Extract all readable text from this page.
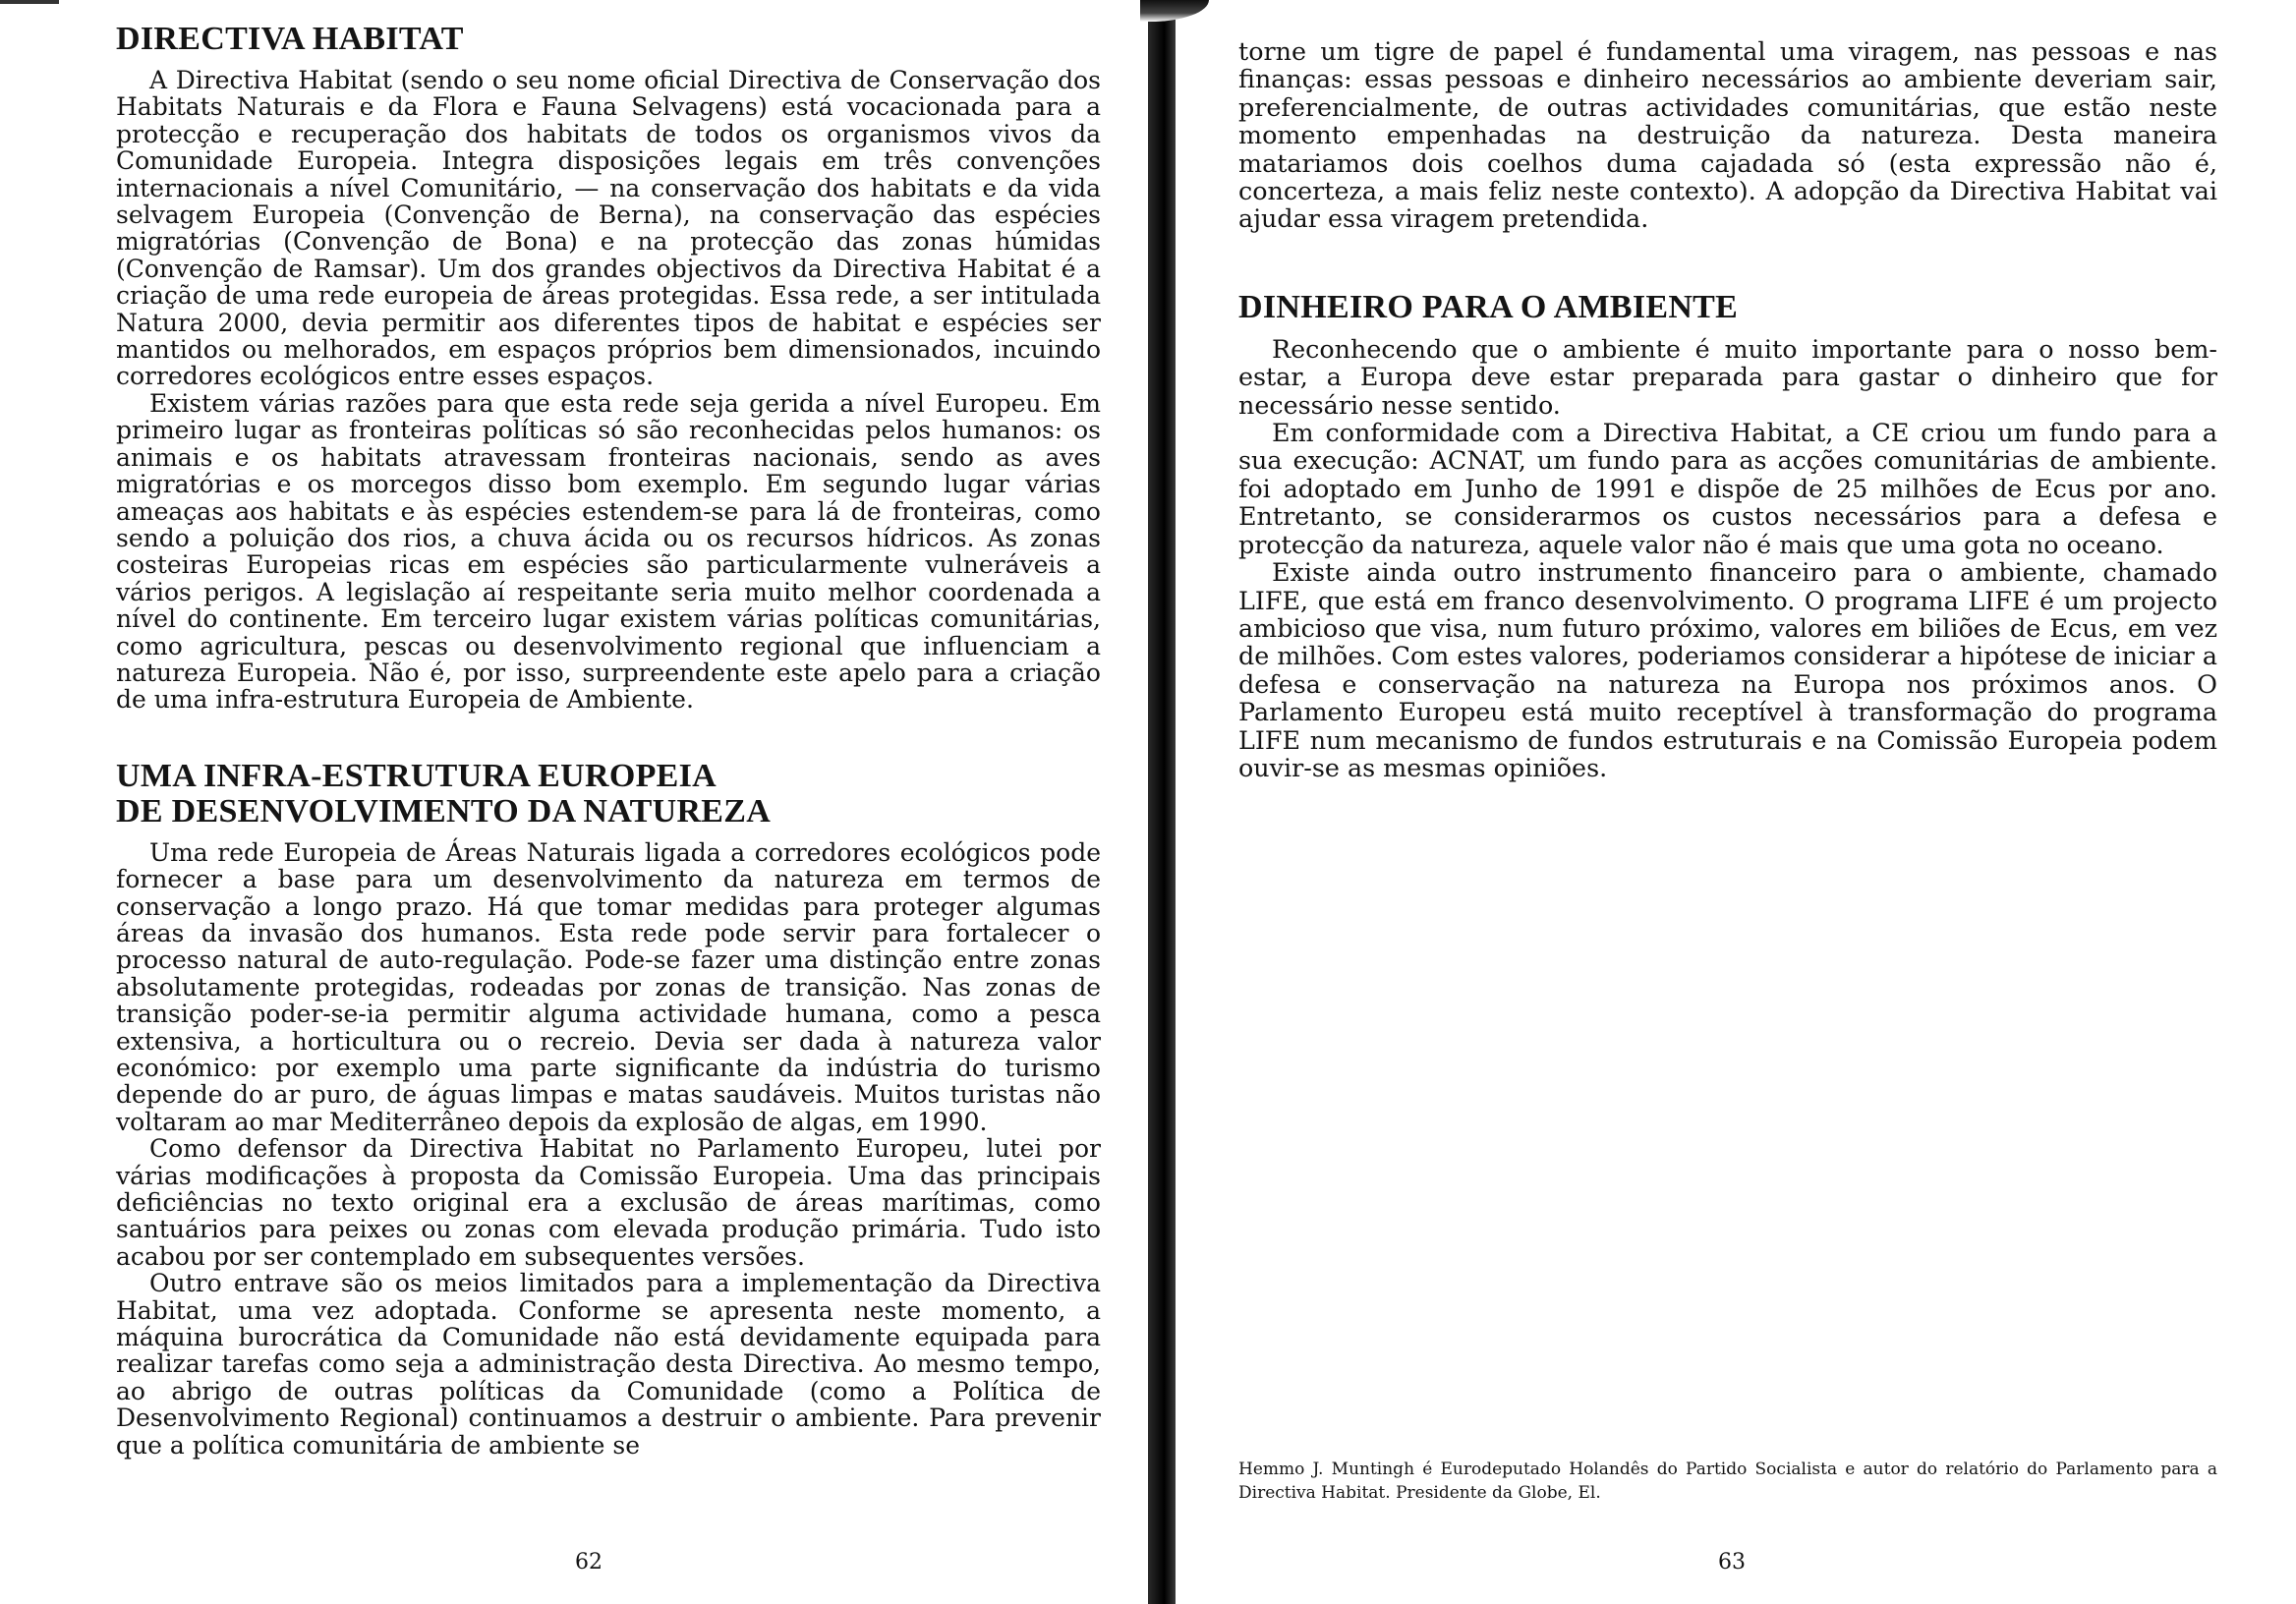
DIRECTIVA HABITAT

A Directiva Habitat (sendo o seu nome oficial Directiva de Conservação dos Habitats Naturais e da Flora e Fauna Selvagens) está vocacionada para a protecção e recuperação dos habitats de todos os organismos vivos da Comunidade Europeia. Integra disposições legais em três convenções internacionais a nível Comunitário, — na conservação dos habitats e da vida selvagem Europeia (Convenção de Berna), na conservação das espécies migratórias (Convenção de Bona) e na protecção das zonas húmidas (Convenção de Ramsar). Um dos grandes objectivos da Directiva Habitat é a criação de uma rede europeia de áreas protegidas. Essa rede, a ser intitulada Natura 2000, devia permitir aos diferentes tipos de habitat e espécies ser mantidos ou melhorados, em espaços próprios bem dimensionados, incuindo corredores ecológicos entre esses espaços.

Existem várias razões para que esta rede seja gerida a nível Europeu. Em primeiro lugar as fronteiras políticas só são reconhecidas pelos humanos: os animais e os habitats atravessam fronteiras nacionais, sendo as aves migratórias e os morcegos disso bom exemplo. Em segundo lugar várias ameaças aos habitats e às espécies estendem-se para lá de fronteiras, como sendo a poluição dos rios, a chuva ácida ou os recursos hídricos. As zonas costeiras Europeias ricas em espécies são particularmente vulneráveis a vários perigos. A legislação aí respeitante seria muito melhor coordenada a nível do continente. Em terceiro lugar existem várias políticas comunitárias, como agricultura, pescas ou desenvolvimento regional que influenciam a natureza Europeia. Não é, por isso, surpreendente este apelo para a criação de uma infra-estrutura Europeia de Ambiente.

UMA INFRA-ESTRUTURA EUROPEIA
DE DESENVOLVIMENTO DA NATUREZA

Uma rede Europeia de Áreas Naturais ligada a corredores ecológicos pode fornecer a base para um desenvolvimento da natureza em termos de conservação a longo prazo. Há que tomar medidas para proteger algumas áreas da invasão dos humanos. Esta rede pode servir para fortalecer o processo natural de auto-regulação. Pode-se fazer uma distinção entre zonas absolutamente protegidas, rodeadas por zonas de transição. Nas zonas de transição poder-se-ia permitir alguma actividade humana, como a pesca extensiva, a horticultura ou o recreio. Devia ser dada à natureza valor económico: por exemplo uma parte significante da indústria do turismo depende do ar puro, de águas limpas e matas saudáveis. Muitos turistas não voltaram ao mar Mediterrâneo depois da explosão de algas, em 1990.

Como defensor da Directiva Habitat no Parlamento Europeu, lutei por várias modificações à proposta da Comissão Europeia. Uma das principais deficiências no texto original era a exclusão de áreas marítimas, como santuários para peixes ou zonas com elevada produção primária. Tudo isto acabou por ser contemplado em subsequentes versões.

Outro entrave são os meios limitados para a implementação da Directiva Habitat, uma vez adoptada. Conforme se apresenta neste momento, a máquina burocrática da Comunidade não está devidamente equipada para realizar tarefas como seja a administração desta Directiva. Ao mesmo tempo, ao abrigo de outras políticas da Comunidade (como a Política de Desenvolvimento Regional) continuamos a destruir o ambiente. Para prevenir que a política comunitária de ambiente se

62

torne um tigre de papel é fundamental uma viragem, nas pessoas e nas finanças: essas pessoas e dinheiro necessários ao ambiente deveriam sair, preferencialmente, de outras actividades comunitárias, que estão neste momento empenhadas na destruição da natureza. Desta maneira matariamos dois coelhos duma cajadada só (esta expressão não é, concerteza, a mais feliz neste contexto). A adopção da Directiva Habitat vai ajudar essa viragem pretendida.

DINHEIRO PARA O AMBIENTE

Reconhecendo que o ambiente é muito importante para o nosso bem-estar, a Europa deve estar preparada para gastar o dinheiro que for necessário nesse sentido.

Em conformidade com a Directiva Habitat, a CE criou um fundo para a sua execução: ACNAT, um fundo para as acções comunitárias de ambiente. foi adoptado em Junho de 1991 e dispõe de 25 milhões de Ecus por ano. Entretanto, se considerarmos os custos necessários para a defesa e protecção da natureza, aquele valor não é mais que uma gota no oceano.

Existe ainda outro instrumento financeiro para o ambiente, chamado LIFE, que está em franco desenvolvimento. O programa LIFE é um projecto ambicioso que visa, num futuro próximo, valores em biliões de Ecus, em vez de milhões. Com estes valores, poderiamos considerar a hipótese de iniciar a defesa e conservação na natureza na Europa nos próximos anos. O Parlamento Europeu está muito receptível à transformação do programa LIFE num mecanismo de fundos estruturais e na Comissão Europeia podem ouvir-se as mesmas opiniões.

Hemmo J. Muntingh é Eurodeputado Holandês do Partido Socialista e autor do relatório do Parlamento para a Directiva Habitat. Presidente da Globe, El.
63
